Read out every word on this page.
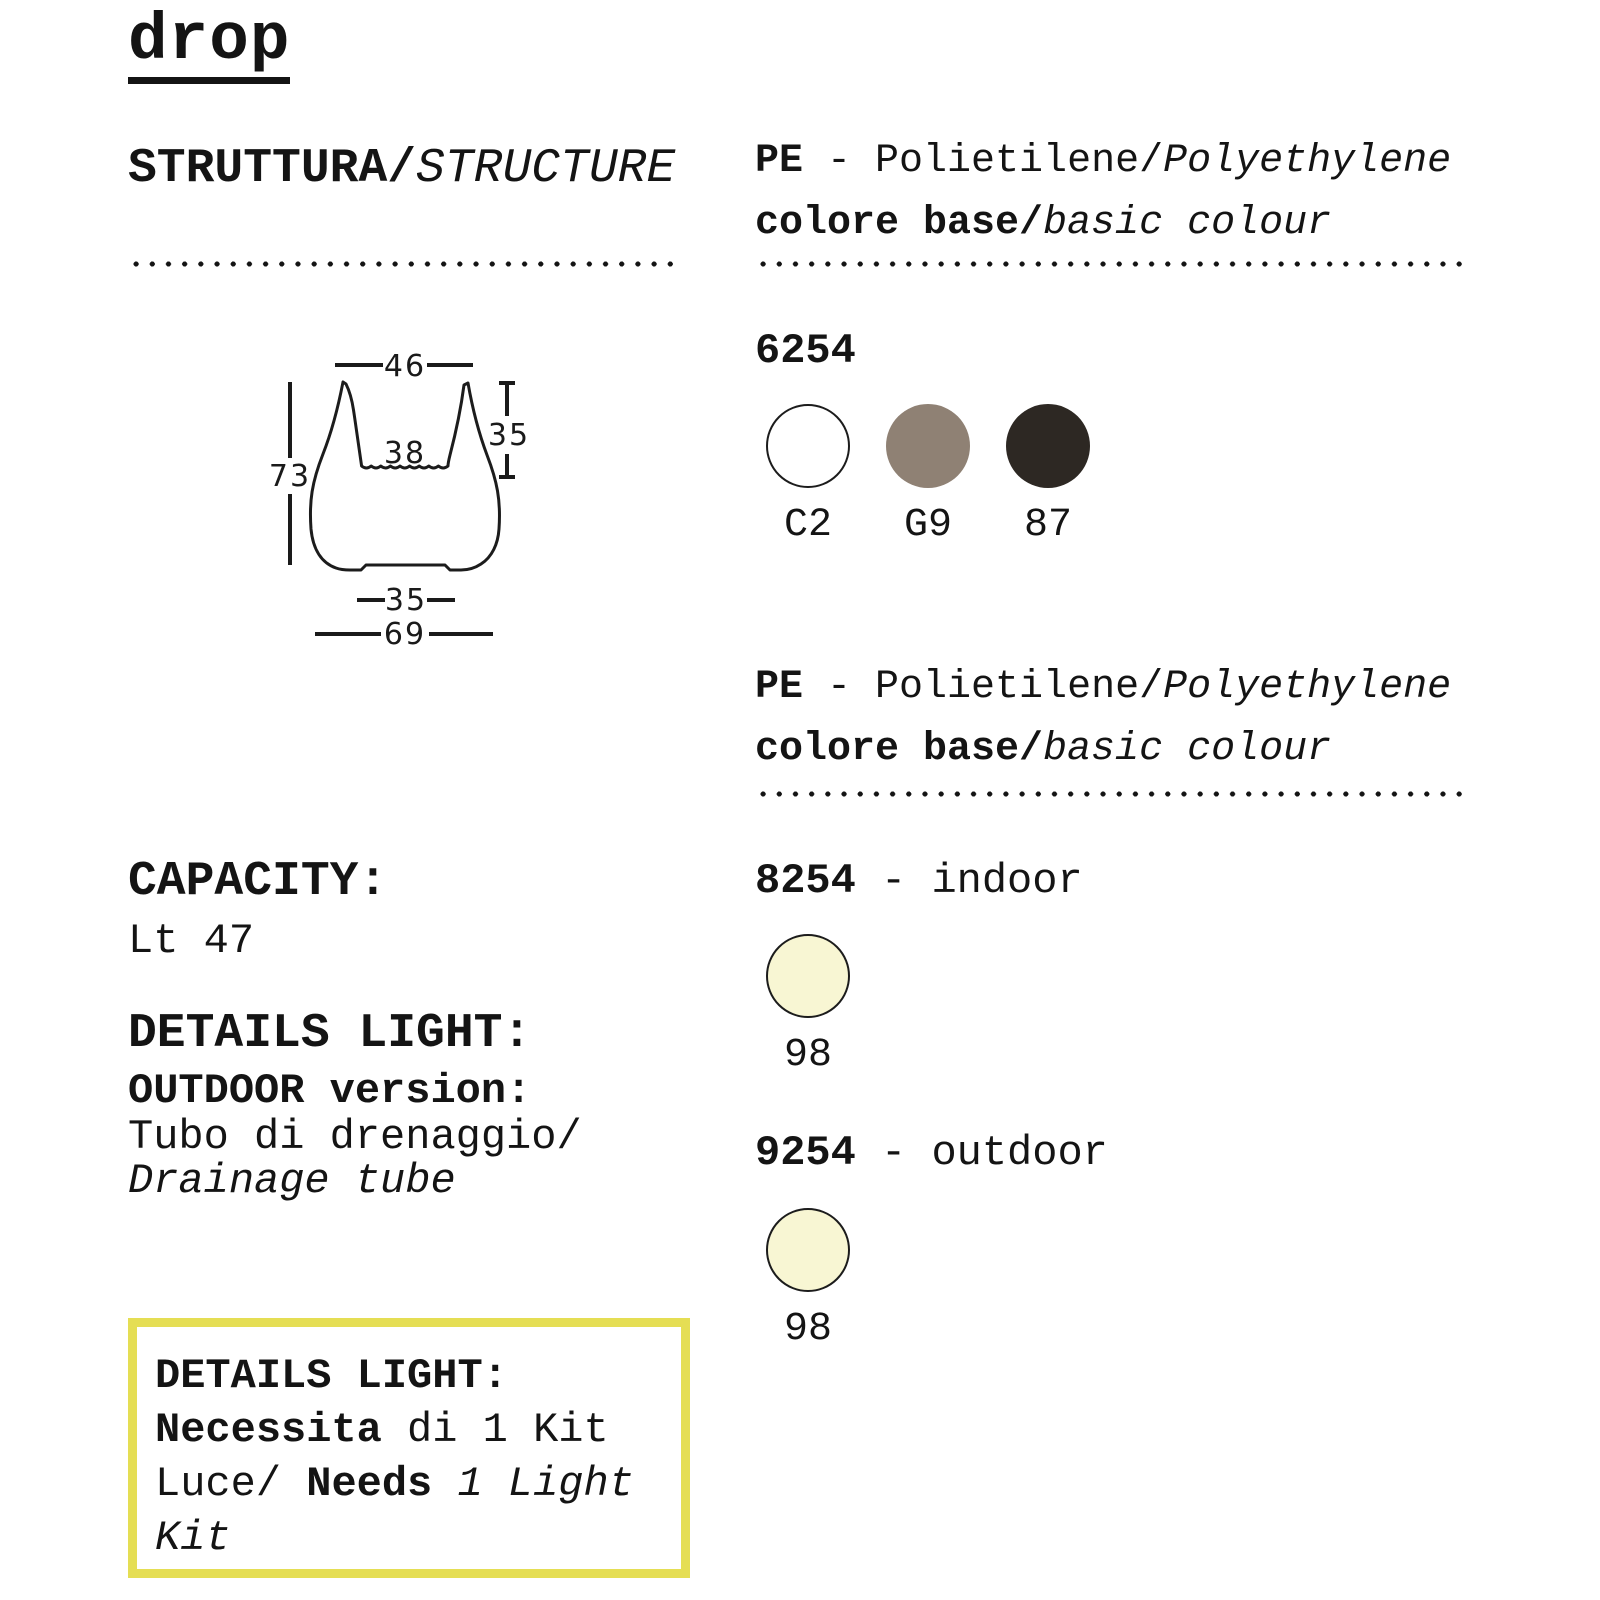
drop
STRUTTURA/STRUCTURE
46
38
35
73
35
69
CAPACITY:
Lt 47
DETAILS LIGHT:
OUTDOOR version:
Tubo di drenaggio/
Drainage tube
DETAILS LIGHT:
Necessita di 1 Kit Luce/ Needs 1 Light Kit
PE - Polietilene/Polyethylene
colore base/basic colour
6254
C2 G9 87
PE - Polietilene/Polyethylene
colore base/basic colour
8254 - indoor
98
9254 - outdoor
98
